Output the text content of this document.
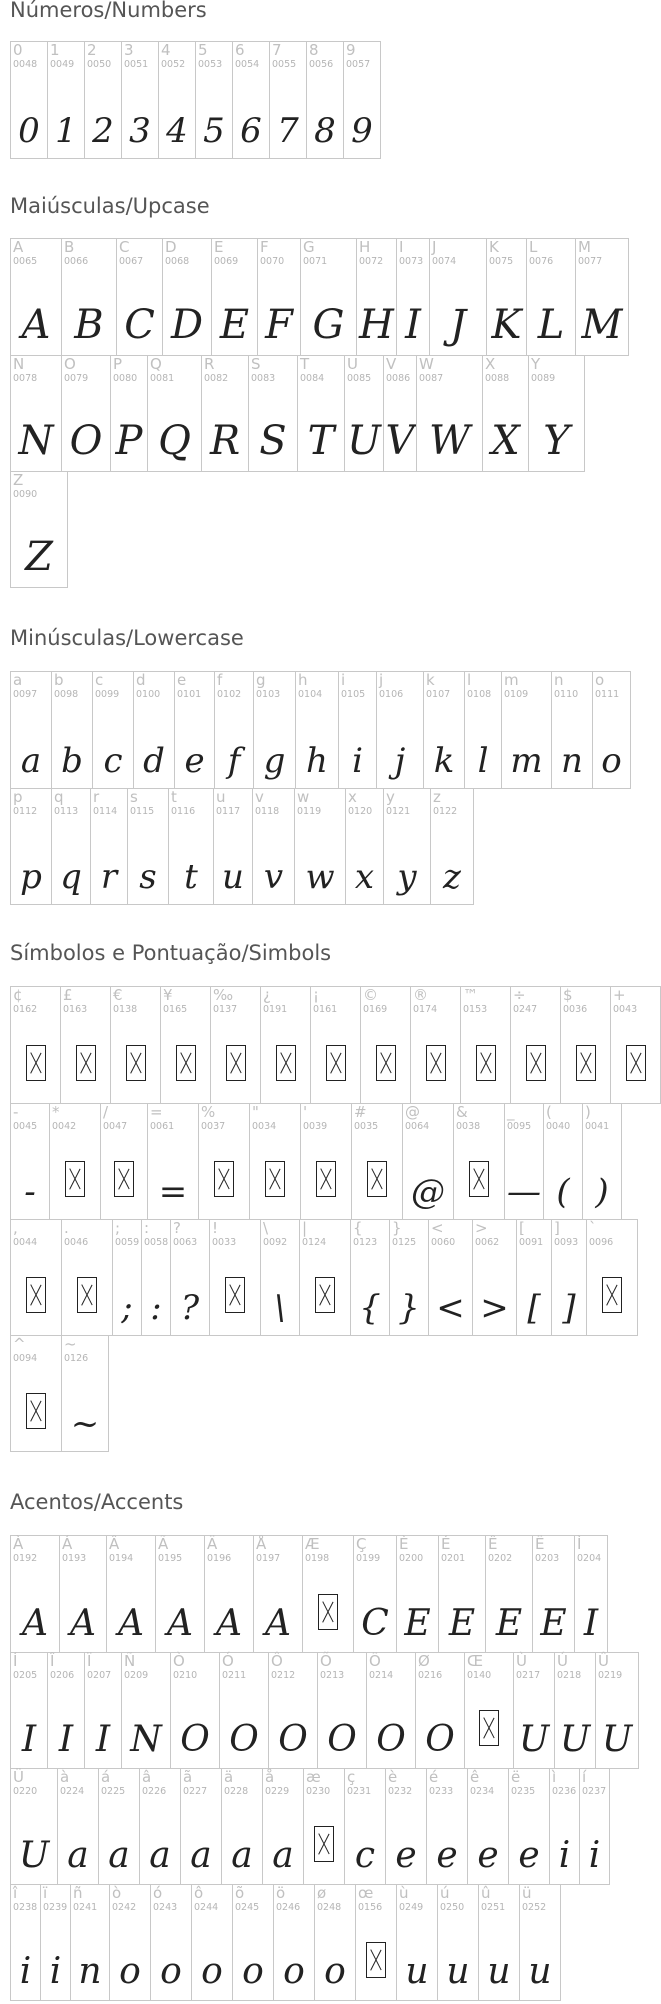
Números/Numbers
0
0048
0
1
0049
1
2
0050
2
3
0051
3
4
0052
4
5
0053
5
6
0054
6
7
0055
7
8
0056
8
9
0057
9
Maiúsculas/Upcase
A
0065
A
B
0066
B
C
0067
C
D
0068
D
E
0069
E
F
0070
F
G
0071
G
H
0072
H
I
0073
I
J
0074
J
K
0075
K
L
0076
L
M
0077
M
N
0078
N
O
0079
O
P
0080
P
Q
0081
Q
R
0082
R
S
0083
S
T
0084
T
U
0085
U
V
0086
V
W
0087
W
X
0088
X
Y
0089
Y
Z
0090
Z
Minúsculas/Lowercase
a
0097
a
b
0098
b
c
0099
c
d
0100
d
e
0101
e
f
0102
f
g
0103
g
h
0104
h
i
0105
i
j
0106
j
k
0107
k
l
0108
l
m
0109
m
n
0110
n
o
0111
o
p
0112
p
q
0113
q
r
0114
r
s
0115
s
t
0116
t
u
0117
u
v
0118
v
w
0119
w
x
0120
x
y
0121
y
z
0122
z
Símbolos e Pontuação/Simbols
¢
0162
£
0163
€
0138
¥
0165
‰
0137
¿
0191
¡
0161
©
0169
®
0174
™
0153
÷
0247
$
0036
+
0043
-
0045
-
*
0042
/
0047
=
0061
=
%
0037
"
0034
'
0039
#
0035
@
0064
@
&
0038
_
0095
—
(
0040
(
)
0041
)
,
0044
.
0046
;
0059
;
:
0058
:
?
0063
?
!
0033
\
0092
\
|
0124
{
0123
{
}
0125
}
<
0060
<
>
0062
>
[
0091
[
]
0093
]
`
0096
^
0094
~
0126
~
Acentos/Accents
À
0192
A
Á
0193
A
Â
0194
A
Ã
0195
A
Ä
0196
A
Å
0197
A
Æ
0198
Ç
0199
C
È
0200
E
É
0201
E
Ê
0202
E
Ë
0203
E
Ì
0204
I
Í
0205
I
Î
0206
I
Ï
0207
I
Ñ
0209
N
Ò
0210
O
Ó
0211
O
Ô
0212
O
Õ
0213
O
Ö
0214
O
Ø
0216
O
Œ
0140
Ù
0217
U
Ú
0218
U
Û
0219
U
Ü
0220
U
à
0224
a
á
0225
a
â
0226
a
ã
0227
a
ä
0228
a
å
0229
a
æ
0230
ç
0231
c
è
0232
e
é
0233
e
ê
0234
e
ë
0235
e
ì
0236
i
í
0237
i
î
0238
i
ï
0239
i
ñ
0241
n
ò
0242
o
ó
0243
o
ô
0244
o
õ
0245
o
ö
0246
o
ø
0248
o
œ
0156
ù
0249
u
ú
0250
u
û
0251
u
ü
0252
u
